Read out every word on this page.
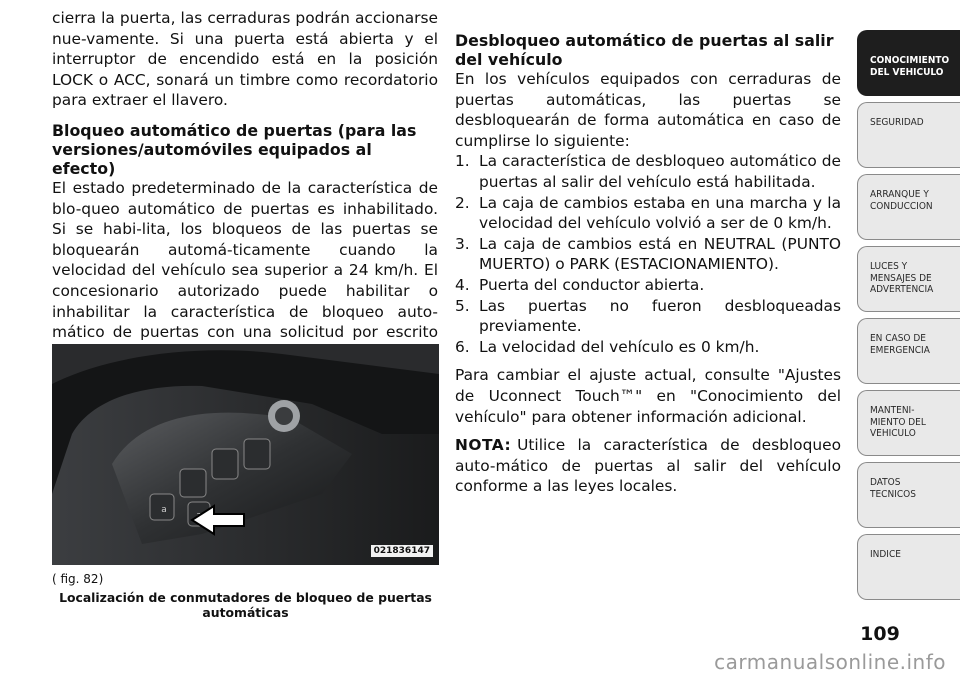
cierra la puerta, las cerraduras podrán accionarse nue-vamente. Si una puerta está abierta y el interruptor de encendido está en la posición LOCK o ACC, sonará un timbre como recordatorio para extraer el llavero.

Bloqueo automático de puertas (para las versiones/automóviles equipados al efecto)

El estado predeterminado de la característica de blo-queo automático de puertas es inhabilitado. Si se habi-lita, los bloqueos de las puertas se bloquearán automá-ticamente cuando la velocidad del vehículo sea superior a 24 km/h. El concesionario autorizado puede habilitar o inhabilitar la característica de bloqueo auto-mático de puertas con una solicitud por escrito

a
021836147
( fig. 82)
Localización de conmutadores de bloqueo de puertas automáticas
Desbloqueo automático de puertas al salir del vehículo

En los vehículos equipados con cerraduras de puertas automáticas, las puertas se desbloquearán de forma automática en caso de cumplirse lo siguiente:

1. La característica de desbloqueo automático de puertas al salir del vehículo está habilitada.
2. La caja de cambios estaba en una marcha y la velocidad del vehículo volvió a ser de 0 km/h.
3. La caja de cambios está en NEUTRAL (PUNTO MUERTO) o PARK (ESTACIONAMIENTO).
4. Puerta del conductor abierta.
5. Las puertas no fueron desbloqueadas previamente.
6. La velocidad del vehículo es 0 km/h.

Para cambiar el ajuste actual, consulte "Ajustes de Uconnect Touch™" en "Conocimiento del vehículo" para obtener información adicional.

NOTA: Utilice la característica de desbloqueo auto-mático de puertas al salir del vehículo conforme a las leyes locales.

CONOCIMIENTO
DEL VEHICULO
SEGURIDAD
ARRANQUE Y
CONDUCCION
LUCES Y
MENSAJES DE
ADVERTENCIA
EN CASO DE
EMERGENCIA
MANTENI-
MIENTO DEL
VEHICULO
DATOS
TECNICOS
INDICE
109
carmanualsonline.info
